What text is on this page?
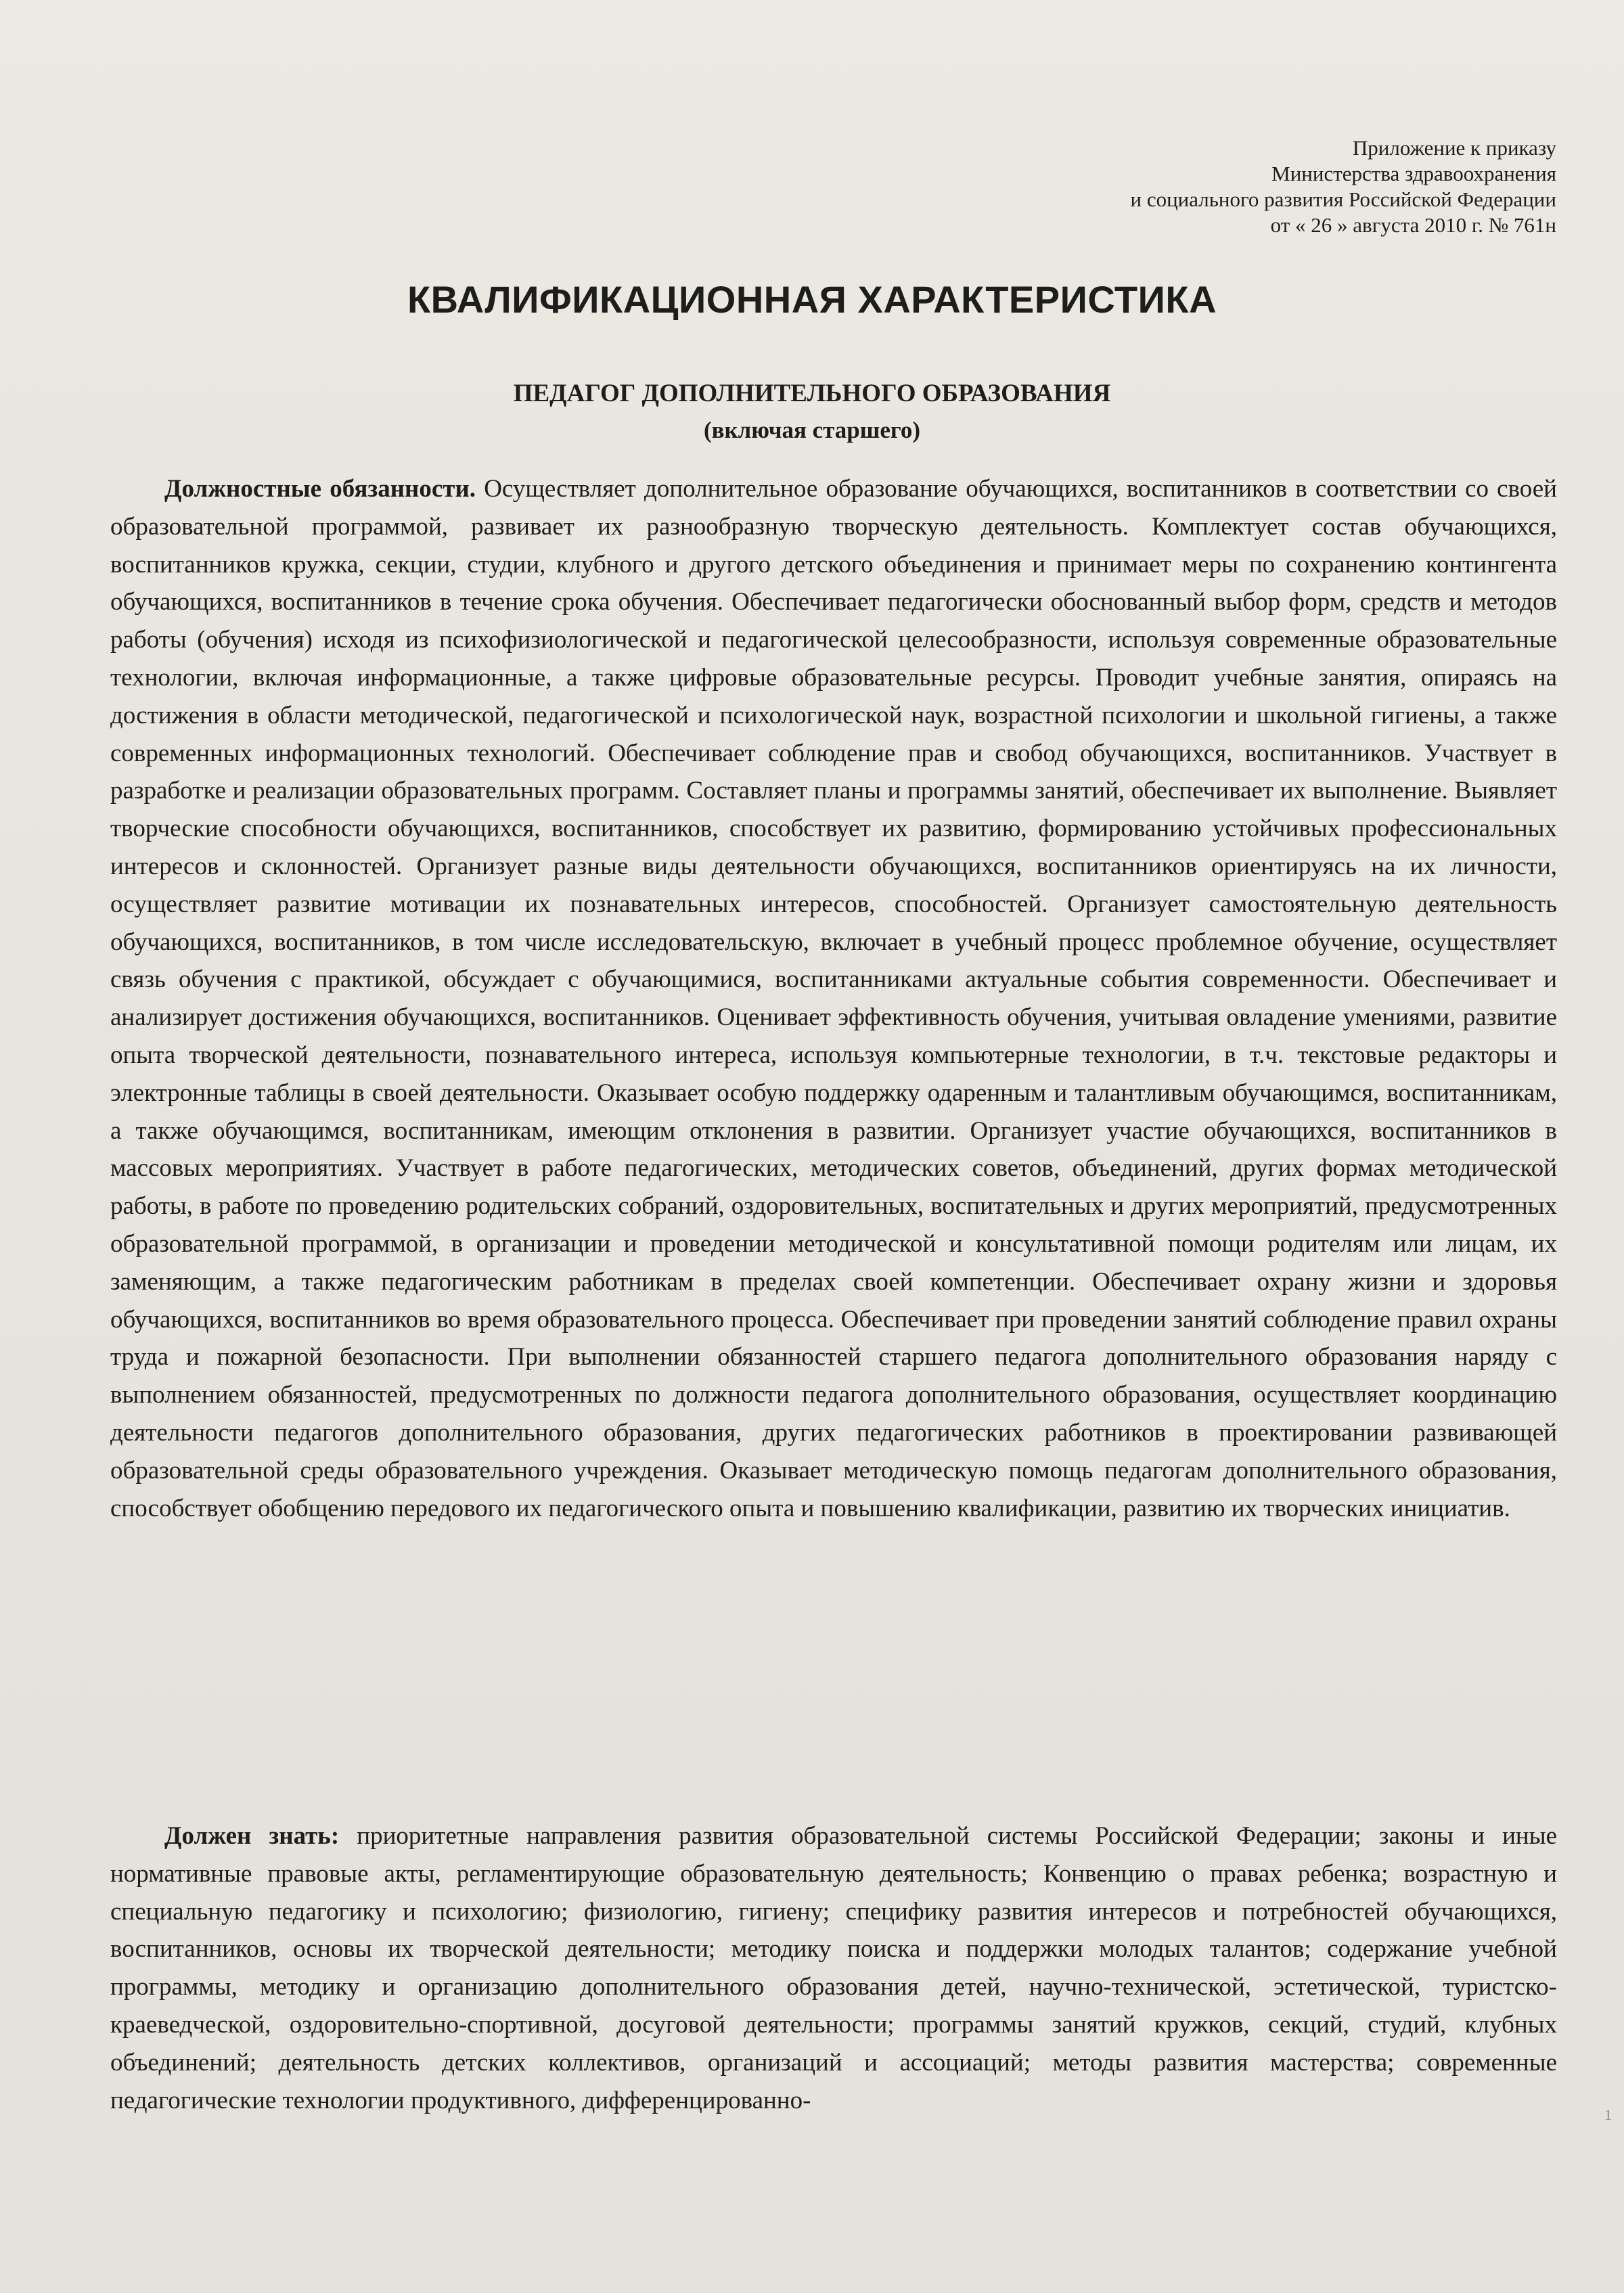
Приложение к приказу
Министерства здравоохранения
и социального развития Российской Федерации
от « 26 » августа 2010 г. № 761н
КВАЛИФИКАЦИОННАЯ ХАРАКТЕРИСТИКА
ПЕДАГОГ ДОПОЛНИТЕЛЬНОГО ОБРАЗОВАНИЯ
(включая старшего)

Должностные обязанности. Осуществляет дополнительное образование обучающихся, воспитанников в соответствии со своей образовательной программой, развивает их разнообразную творческую деятельность. Комплектует состав обучающихся, воспитанников кружка, секции, студии, клубного и другого детского объединения и принимает меры по сохранению контингента обучающихся, воспитанников в течение срока обучения. Обеспечивает педагогически обоснованный выбор форм, средств и методов работы (обучения) исходя из психофизиологической и педагогической целесообразности, используя современные образовательные технологии, включая информационные, а также цифровые образовательные ресурсы. Проводит учебные занятия, опираясь на достижения в области методической, педагогической и психологической наук, возрастной психологии и школьной гигиены, а также современных информационных технологий. Обеспечивает соблюдение прав и свобод обучающихся, воспитанников. Участвует в разработке и реализации образовательных программ. Составляет планы и программы занятий, обеспечивает их выполнение. Выявляет творческие способности обучающихся, воспитанников, способствует их развитию, формированию устойчивых профессиональных интересов и склонностей. Организует разные виды деятельности обучающихся, воспитанников ориентируясь на их личности, осуществляет развитие мотивации их познавательных интересов, способностей. Организует самостоятельную деятельность обучающихся, воспитанников, в том числе исследовательскую, включает в учебный процесс проблемное обучение, осуществляет связь обучения с практикой, обсуждает с обучающимися, воспитанниками актуальные события современности. Обеспечивает и анализирует достижения обучающихся, воспитанников. Оценивает эффективность обучения, учитывая овладение умениями, развитие опыта творческой деятельности, познавательного интереса, используя компьютерные технологии, в т.ч. текстовые редакторы и электронные таблицы в своей деятельности. Оказывает особую поддержку одаренным и талантливым обучающимся, воспитанникам, а также обучающимся, воспитанникам, имеющим отклонения в развитии. Организует участие обучающихся, воспитанников в массовых мероприятиях. Участвует в работе педагогических, методических советов, объединений, других формах методической работы, в работе по проведению родительских собраний, оздоровительных, воспитательных и других мероприятий, предусмотренных образовательной программой, в организации и проведении методической и консультативной помощи родителям или лицам, их заменяющим, а также педагогическим работникам в пределах своей компетенции. Обеспечивает охрану жизни и здоровья обучающихся, воспитанников во время образовательного процесса. Обеспечивает при проведении занятий соблюдение правил охраны труда и пожарной безопасности. При выполнении обязанностей старшего педагога дополнительного образования наряду с выполнением обязанностей, предусмотренных по должности педагога дополнительного образования, осуществляет координацию деятельности педагогов дополнительного образования, других педагогических работников в проектировании развивающей образовательной среды образовательного учреждения. Оказывает методическую помощь педагогам дополнительного образования, способствует обобщению передового их педагогического опыта и повышению квалификации, развитию их творческих инициатив.

Должен знать: приоритетные направления развития образовательной системы Российской Федерации; законы и иные нормативные правовые акты, регламентирующие образовательную деятельность; Конвенцию о правах ребенка; возрастную и специальную педагогику и психологию; физиологию, гигиену; специфику развития интересов и потребностей обучающихся, воспитанников, основы их творческой деятельности; методику поиска и поддержки молодых талантов; содержание учебной программы, методику и организацию дополнительного образования детей, научно-технической, эстетической, туристско-краеведческой, оздоровительно-спортивной, досуговой деятельности; программы занятий кружков, секций, студий, клубных объединений; деятельность детских коллективов, организаций и ассоциаций; методы развития мастерства; современные педагогические технологии продуктивного, дифференцированно-

1
